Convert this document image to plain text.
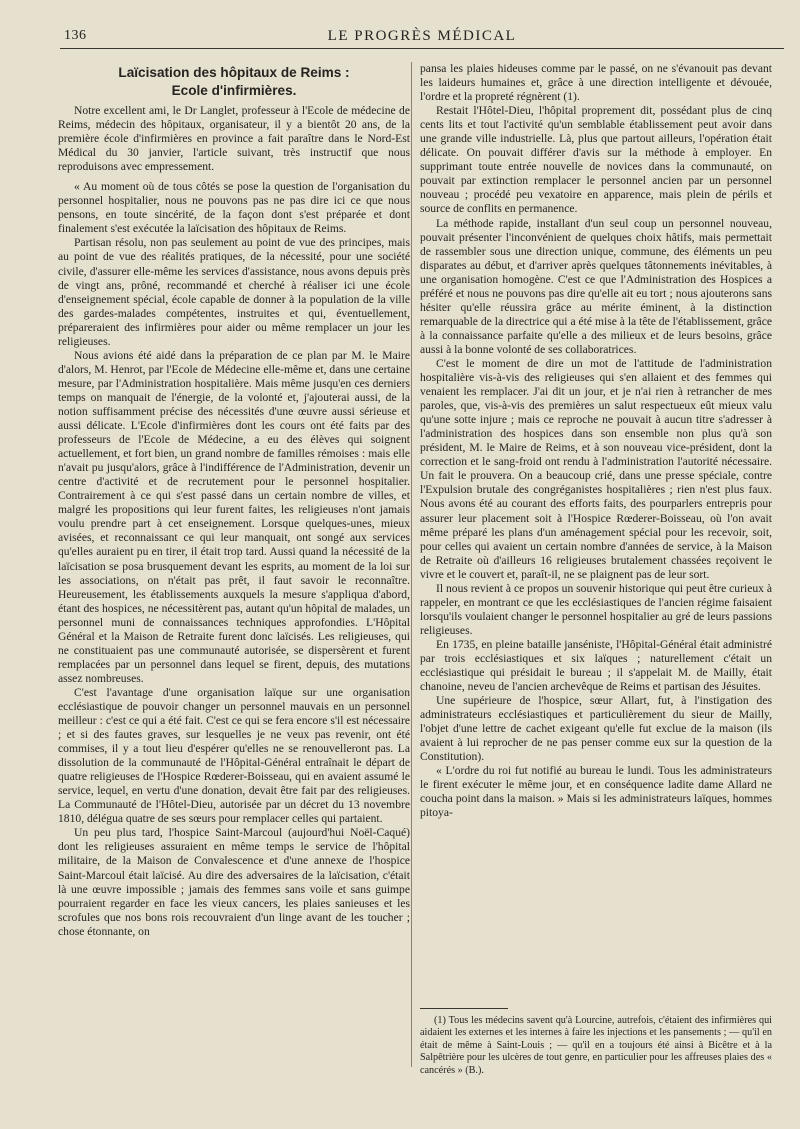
136	LE PROGRÈS MÉDICAL
Laïcisation des hôpitaux de Reims :
Ecole d'infirmières.

Notre excellent ami, le Dr Langlet, professeur à l'Ecole de médecine de Reims, médecin des hôpitaux, organisateur, il y a bientôt 20 ans, de la première école d'infirmières en province a fait paraître dans le Nord-Est Médical du 30 janvier, l'article suivant, très instructif que nous reproduisons avec empressement.

« Au moment où de tous côtés se pose la question de l'organisation du personnel hospitalier, nous ne pouvons pas ne pas dire ici ce que nous pensons, en toute sincérité, de la façon dont s'est préparée et dont finalement s'est exécutée la laïcisation des hôpitaux de Reims.

Partisan résolu, non pas seulement au point de vue des principes, mais au point de vue des réalités pratiques, de la nécessité, pour une société civile, d'assurer elle-même les services d'assistance, nous avons depuis près de vingt ans, prôné, recommandé et cherché à réaliser ici une école d'enseignement spécial, école capable de donner à la population de la ville des gardes-malades compétentes, instruites et qui, éventuellement, prépareraient des infirmières pour aider ou même remplacer un jour les religieuses.

Nous avions été aidé dans la préparation de ce plan par M. le Maire d'alors, M. Henrot, par l'Ecole de Médecine elle-même et, dans une certaine mesure, par l'Administration hospitalière. Mais même jusqu'en ces derniers temps on manquait de l'énergie, de la volonté et, j'ajouterai aussi, de la notion suffisamment précise des nécessités d'une œuvre aussi sérieuse et aussi délicate. L'Ecole d'infirmières dont les cours ont été faits par des professeurs de l'Ecole de Médecine, a eu des élèves qui soignent actuellement, et fort bien, un grand nombre de familles rémoises : mais elle n'avait pu jusqu'alors, grâce à l'indifférence de l'Administration, devenir un centre d'activité et de recrutement pour le personnel hospitalier. Contrairement à ce qui s'est passé dans un certain nombre de villes, et malgré les propositions qui leur furent faites, les religieuses n'ont jamais voulu prendre part à cet enseignement. Lorsque quelques-unes, mieux avisées, et reconnaissant ce qui leur manquait, ont songé aux services qu'elles auraient pu en tirer, il était trop tard. Aussi quand la nécessité de la laïcisation se posa brusquement devant les esprits, au moment de la loi sur les associations, on n'était pas prêt, il faut savoir le reconnaître. Heureusement, les établissements auxquels la mesure s'appliqua d'abord, étant des hospices, ne nécessitèrent pas, autant qu'un hôpital de malades, un personnel muni de connaissances techniques approfondies. L'Hôpital Général et la Maison de Retraite furent donc laïcisés. Les religieuses, qui ne constituaient pas une communauté autorisée, se dispersèrent et furent remplacées par un personnel dans lequel se firent, depuis, des mutations assez nombreuses.

C'est l'avantage d'une organisation laïque sur une organisation ecclésiastique de pouvoir changer un personnel mauvais en un personnel meilleur : c'est ce qui a été fait. C'est ce qui se fera encore s'il est nécessaire ; et si des fautes graves, sur lesquelles je ne veux pas revenir, ont été commises, il y a tout lieu d'espérer qu'elles ne se renouvelleront pas. La dissolution de la communauté de l'Hôpital-Général entraînait le départ de quatre religieuses de l'Hospice Rœderer-Boisseau, qui en avaient assumé le service, lequel, en vertu d'une donation, devait être fait par des religieuses. La Communauté de l'Hôtel-Dieu, autorisée par un décret du 13 novembre 1810, délégua quatre de ses sœurs pour remplacer celles qui partaient.

Un peu plus tard, l'hospice Saint-Marcoul (aujourd'hui Noël-Caqué) dont les religieuses assuraient en même temps le service de l'hôpital militaire, de la Maison de Convalescence et d'une annexe de l'hospice Saint-Marcoul était laïcisé. Au dire des adversaires de la laïcisation, c'était là une œuvre impossible ; jamais des femmes sans voile et sans guimpe pourraient regarder en face les vieux cancers, les plaies sanieuses et les scrofules que nos bons rois recouvraient d'un linge avant de les toucher ; chose étonnante, on

pansa les plaies hideuses comme par le passé, on ne s'évanouit pas devant les laideurs humaines et, grâce à une direction intelligente et dévouée, l'ordre et la propreté régnèrent (1).

Restait l'Hôtel-Dieu, l'hôpital proprement dit, possédant plus de cinq cents lits et tout l'activité qu'un semblable établissement peut avoir dans une grande ville industrielle. Là, plus que partout ailleurs, l'opération était délicate. On pouvait différer d'avis sur la méthode à employer. En supprimant toute entrée nouvelle de novices dans la communauté, on pouvait par extinction remplacer le personnel ancien par un personnel nouveau ; procédé peu vexatoire en apparence, mais plein de périls et source de conflits en permanence.

La méthode rapide, installant d'un seul coup un personnel nouveau, pouvait présenter l'inconvénient de quelques choix hâtifs, mais permettait de rassembler sous une direction unique, commune, des éléments un peu disparates au début, et d'arriver après quelques tâtonnements inévitables, à une organisation homogène. C'est ce que l'Administration des Hospices a préféré et nous ne pouvons pas dire qu'elle ait eu tort ; nous ajouterons sans hésiter qu'elle réussira grâce au mérite éminent, à la distinction remarquable de la directrice qui a été mise à la tête de l'établissement, grâce à la connaissance parfaite qu'elle a des milieux et de leurs besoins, grâce aussi à la bonne volonté de ses collaboratrices.

C'est le moment de dire un mot de l'attitude de l'administration hospitalière vis-à-vis des religieuses qui s'en allaient et des femmes qui venaient les remplacer. J'ai dit un jour, et je n'ai rien à retrancher de mes paroles, que, vis-à-vis des premières un salut respectueux eût mieux valu qu'une sotte injure ; mais ce reproche ne pouvait à aucun titre s'adresser à l'administration des hospices dans son ensemble non plus qu'à son président, M. le Maire de Reims, et à son nouveau vice-président, dont la correction et le sang-froid ont rendu à l'administration l'autorité nécessaire. Un fait le prouvera. On a beaucoup crié, dans une presse spéciale, contre l'Expulsion brutale des congréganistes hospitalières ; rien n'est plus faux. Nous avons été au courant des efforts faits, des pourparlers entrepris pour assurer leur placement soit à l'Hospice Rœderer-Boisseau, où l'on avait même préparé les plans d'un aménagement spécial pour les recevoir, soit, pour celles qui avaient un certain nombre d'années de service, à la Maison de Retraite où d'ailleurs 16 religieuses brutalement chassées reçoivent le vivre et le couvert et, paraît-il, ne se plaignent pas de leur sort.

Il nous revient à ce propos un souvenir historique qui peut être curieux à rappeler, en montrant ce que les ecclésiastiques de l'ancien régime faisaient lorsqu'ils voulaient changer le personnel hospitalier au gré de leurs passions religieuses.

En 1735, en pleine bataille janséniste, l'Hôpital-Général était administré par trois ecclésiastiques et six laïques ; naturellement c'était un ecclésiastique qui présidait le bureau ; il s'appelait M. de Mailly, était chanoine, neveu de l'ancien archevêque de Reims et partisan des Jésuites.

Une supérieure de l'hospice, sœur Allart, fut, à l'instigation des administrateurs ecclésiastiques et particulièrement du sieur de Mailly, l'objet d'une lettre de cachet exigeant qu'elle fut exclue de la maison (ils avaient à lui reprocher de ne pas penser comme eux sur la question de la Constitution).

« L'ordre du roi fut notifié au bureau le lundi. Tous les administrateurs le firent exécuter le même jour, et en conséquence ladite dame Allard ne coucha point dans la maison. » Mais si les administrateurs laïques, hommes pitoya-

(1) Tous les médecins savent qu'à Lourcine, autrefois, c'étaient des infirmières qui aidaient les externes et les internes à faire les injections et les pansements ; — qu'il en était de même à Saint-Louis ; — qu'il en a toujours été ainsi à Bicêtre et à la Salpêtrière pour les ulcères de tout genre, en particulier pour les affreuses plaies des « cancérés » (B.).
